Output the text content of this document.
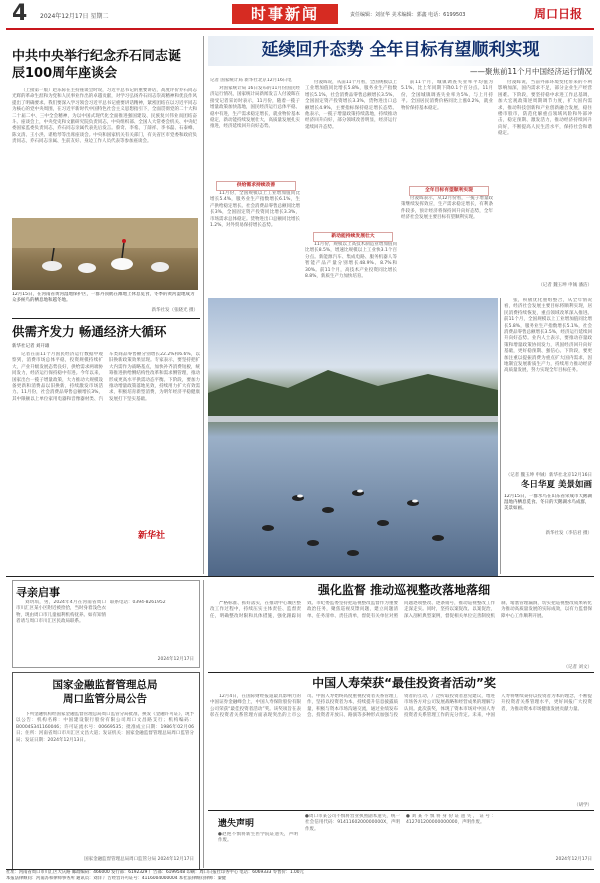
4 2024年12月17日 星期二	时事新闻	责任编辑：刘征华 美术编辑：郭鑫 电话：6199503	周口日报
中共中央举行纪念乔石同志诞辰100周年座谈会

（上接第一版）赵乐际在主持座谈会时说，习近平总书记的重要讲话，高度评价乔石同志光辉的革命生涯和为党和人民事业作出的卓越贡献，对学习弘扬乔石同志崇高精神和优良作风提出了明确要求。我们要深入学习领会习近平总书记重要讲话精神，紧密团结在以习近平同志为核心的党中央周围，在习近平新时代中国特色社会主义思想指引下，全面贯彻党的二十大和二十届二中、三中全会精神，为以中国式现代化全面推进强国建设、民族复兴伟业而团结奋斗。座谈会上，中央党史和文献研究院负责同志，中央组织部、全国人大常委会机关、中央纪委国家监委负责同志，乔石同志亲属代表先后发言。蔡奇、李希、丁薛祥、李书磊、石泰峰、陈文清、王小洪、谌贻琴等出席座谈会。中央和国家机关有关部门，有关省区市党委和政府负责同志，乔石同志亲属、生前友好、身边工作人员代表等参加座谈会。

12月15日，在河南省黄河湿地保护区，一群丹顶鹤在滩地上休息觅食，冬季的黄河湿地成为众多候鸟的栖息地和越冬地。
新华社发（张晓光 摄）
供需齐发力 畅通经济大循环
新华社记者 刘开雄

记者在前11个月国民经济运行数据中观察到，消费市场总体平稳，投资规模持续扩大，产业升级发展态势良好，供给需求两端协同发力，经济运行保持稳中有进。今年以来，国家出台一揽子增量政策，大力推动大规模设备更新和消费品以旧换新，持续激发市场活力。11月份，社会消费品零售总额增长3%，其中限额以上单位家用电器和音像器材类、汽车类商品零售额分别增长22.2%和6.6%，以旧换新政策效果显现。专家表示，要坚持把扩大内需作为战略基点，加快补齐消费短板，统筹推进供给侧结构性改革和需求侧管理，推动形成更高水平供需动态平衡。下阶段，要加力推动增量政策落地见效，持续用力扩大有效需求，积极培育新型消费，为明年经济平稳健康发展打下坚实基础。

新华社
延续回升态势 全年目标有望顺利实现
——聚焦前11个月中国经济运行情况
记者 国家统计局 新华社北京12月16日电

对国家统计局 16日发布的11月份国民经济运行情况，国家统计局新闻发言人付凌晖在接受记者采访时表示，11月份，随着一揽子增量政策加快落地，国民经济运行总体平稳、稳中有进，生产需求稳定增长，就业物价基本稳定，新动能持续发展壮大，高质量发展扎实推进，经济延续回升向好态势。

供给需求持续改善

11月份，全国规模以上工业增加值同比增长5.4%，服务业生产指数增长6.1%，生产供给稳定增长。社会消费品零售总额同比增长3%，全国固定资产投资同比增长3.3%，市场需求总体稳定。货物进出口总额同比增长1.2%，对外贸易保持增长态势。

付凌晖说，从前11个月看，全国规模以上工业增加值同比增长5.8%，服务业生产指数增长5.1%，社会消费品零售总额增长3.5%，全国固定资产投资增长3.3%，货物进出口总额增长4.9%，主要指标保持稳定增长态势。他表示，一揽子增量政策持续落地，持续推动经济回升向好，部分领域改善明显，经济运行延续回升态势。

新动能持续发展壮大

11月份，规模以上高技术制造业增加值同比增长8.5%，增速比规模以上工业快3.1个百分点。新能源汽车、集成电路、服务机器人等智能产品产量分别增长48.9%、8.7%和30%。前11个月，高技术产业投资同比增长8.8%，新质生产力加快培育。

前11个月，城镇调查失业率平均值为5.1%，比上年同期下降0.1个百分点。11月份，全国城镇调查失业率为5%，与上月持平。全国居民消费价格同比上涨0.2%，就业物价保持基本稳定。

全年目标有望顺利实现

付凌晖表示，从12月份看，一揽子增量政策继续发挥效应，生产需求稳定增长，有利条件较多，预计经济将保持回升向好态势，全年经济社会发展主要目标有望顺利实现。

付凌晖说，当前外部环境变化带来的不利影响加深，国内需求不足，部分企业生产经营困难。下阶段，要坚持稳中求进工作总基调，加大宏观政策逆周期调节力度，扩大国内需求，推动科技创新和产业创新融合发展，稳住楼市股市，防范化解重点领域风险和外部冲击，稳定预期、激发活力，推动经济持续回升向好，不断提高人民生活水平，保持社会和谐稳定。

（记者 魏玉坤 申铖 潘洁）
冬日华夏 美景如画
12月15日，一群水鸟在山东省荣成市天鹅湖湿地内栖息觅食。冬日的天鹅湖水鸟成群，美景如画。
新华社发（李信君 摄）

张，积极优化重组整合，从全年情况看，经济社会发展主要目标将顺利实现，居民消费持续恢复，重点领域改革深入推进。前11个月，全国规模以上工业增加值同比增长5.8%，服务业生产指数增长5.1%，社会消费品零售总额增长3.5%，经济运行延续回升向好态势。业内人士表示，要推动存量政策和增量政策协同发力，巩固经济回升向好基础，更好稳预期、强信心。下阶段，要更加注重以提振消费为重点扩大国内需求，因地制宜发展新质生产力，持续用力推动经济高质量发展，努力实现全年目标任务。

（记者 魏玉坤 申铖）新华社北京12月16日
寻亲启事

刘玥琪，男，2024年4月在河南省周口市川汇区某小区附近被捡拾，当时身着浅色衣物，现由周口市儿童福利机构抚养。如有知情者请与周口市川汇区民政局联系。

联系电话：0394-8261952
2024年12月17日
国家金融监督管理总局
周口监管分局公告

下列金融机构经国家金融监督管理总局周口监管分局批准，换发《金融许可证》，现予以公告：机构名称：中国建设银行股份有限公司周口文昌路支行；机构编码：B0004S341160046；许可证流水号：00669535；批准成立日期：1986年02月06日；住所：河南省周口市川汇区文昌大道；发证机关：国家金融监督管理总局周口监管分局；发证日期：2024年12月13日。

国家金融监督管理总局周口监管分局 2024年12月17日
强化监督 推动巡视整改落地落细

严格标准、抓好落实，在推动中心城区整改工作过程中，持续压实主体责任、监督责任，明确整改时限和具体措施，强化跟踪问效。市纪委监委坚持把巡视整改监督作为重要政治任务，聚焦巡视反馈问题，建立问题清单、任务清单、责任清单，督促有关单位对照问题逐项整改、逐条销号，推动巡视整改工作走深走实。同时，坚持以案促改、以案促治，深入剖析典型案例，督促相关单位完善制度机制，堵塞管理漏洞，切实把巡视整改成果转化为推动高质量发展的实际成效，以有力监督保障中心工作顺利开展。

（记者 刘文）
中国人寿荣获“最佳投资者活动”奖

12月4日，在国际财经报道最具影响力的中国证券金融峰会上，中国人寿保险股份有限公司荣获“最佳投资者活动”奖。该奖项旨在表彰在投资者关系管理方面表现突出的上市公司。中国人寿始终高度重视投资者关系管理工作，坚持以投资者为本，持续提升信息披露质量，积极与资本市场沟通交流，通过业绩发布会、投资者开放日、路演等多种形式加强与投资者的互动，广泛听取投资者意见建议，增进市场各方对公司发展战略和经营成果的理解与认同。此次获奖，体现了资本市场对中国人寿投资者关系管理工作的充分肯定。未来，中国人寿将继续秉持以投资者为本的理念，不断提升投资者关系管理水平，更好回报广大投资者，为推动资本市场健康发展贡献力量。

（胡学）
遗失声明
●赵艳不慎将新生医学院证遗失，声明作废。
●周口市某公司不慎将营业执照副本遗失，统一社会信用代码：9141160200000000X，声明作废。
●刘某不慎将身份证遗失，证号：412701200000000000，声明作废。
2024年12月17日
社址：河南省周口市川汇区大庆路 邮政编码：466000 发行部：6192329 广告部：6199548 印刷：周口日报社印务中心 电话：6069333 零售价：1.00元
本报法律顾问：河南苏和律师事务所 通讯员：刘洋 广告经营许可证号：4116004000004 本社法律顾问律师：秦健
